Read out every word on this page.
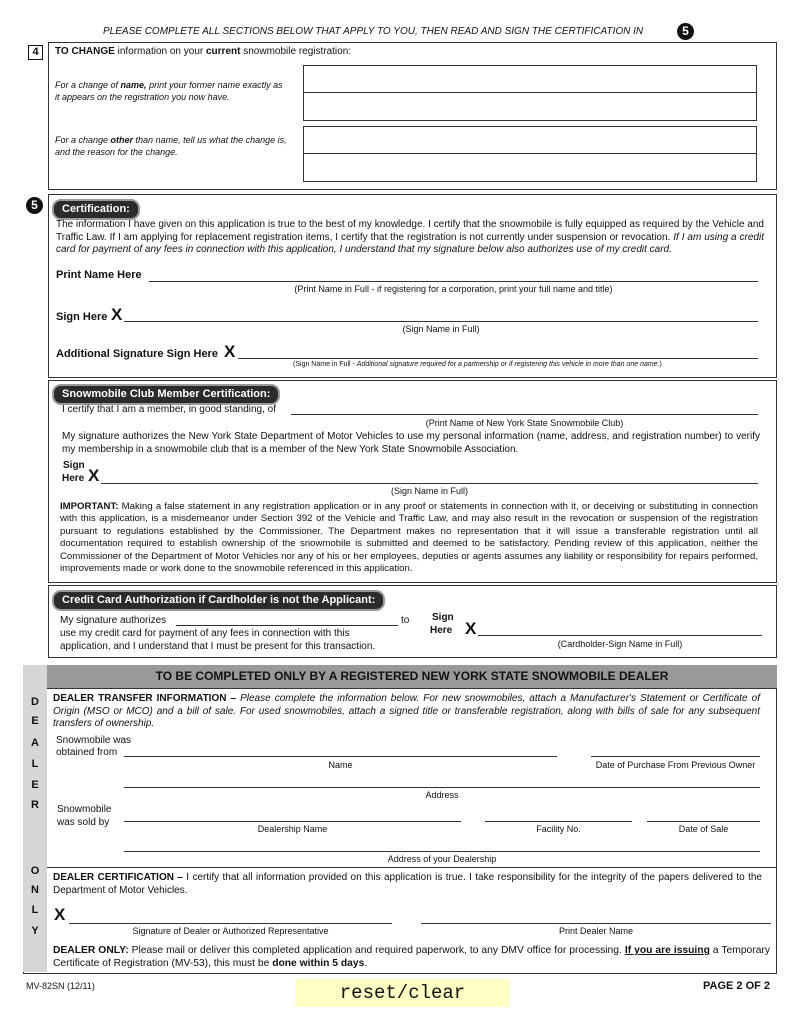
PLEASE COMPLETE ALL SECTIONS BELOW THAT APPLY TO YOU, THEN READ AND SIGN THE CERTIFICATION IN	5
4	TO CHANGE information on your current snowmobile registration:
For a change of name, print your former name exactly as it appears on the registration you now have.
For a change other than name, tell us what the change is, and the reason for the change.
5	Certification:
The information I have given on this application is true to the best of my knowledge. I certify that the snowmobile is fully equipped as required by the Vehicle and Traffic Law. If I am applying for replacement registration items, I certify that the registration is not currently under suspension or revocation. If I am using a credit card for payment of any fees in connection with this application, I understand that my signature below also authorizes use of my credit card.
Print Name Here
(Print Name in Full - if registering for a corporation, print your full name and title)
Sign Here X
(Sign Name in Full)
Additional Signature Sign Here X
(Sign Name in Full - Additional signature required for a partnership or if registering this vehicle in more than one name.)
Snowmobile Club Member Certification:
I certify that I am a member, in good standing, of
(Print Name of New York State Snowmobile Club)
My signature authorizes the New York State Department of Motor Vehicles to use my personal information (name, address, and registration number) to verify my membership in a snowmobile club that is a member of the New York State Snowmobile Association.
Sign
Here X
(Sign Name in Full)
IMPORTANT: Making a false statement in any registration application or in any proof or statements in connection with it, or deceiving or substituting in connection with this application, is a misdemeanor under Section 392 of the Vehicle and Traffic Law, and may also result in the revocation or suspension of the registration pursuant to regulations established by the Commissioner. The Department makes no representation that it will issue a transferable registration until all documentation required to establish ownership of the snowmobile is submitted and deemed to be satisfactory. Pending review of this application, neither the Commissioner of the Department of Motor Vehicles nor any of his or her employees, deputies or agents assumes any liability or responsibility for repairs performed, improvements made or work done to the snowmobile referenced in this application.
Credit Card Authorization if Cardholder is not the Applicant:
My signature authorizes	to
use my credit card for payment of any fees in connection with this
application, and I understand that I must be present for this transaction.
Sign
Here X
(Cardholder-Sign Name in Full)
D
E
A
L
E
R
O
N
L
Y
TO BE COMPLETED ONLY BY A REGISTERED NEW YORK STATE SNOWMOBILE DEALER
DEALER TRANSFER INFORMATION – Please complete the information below. For new snowmobiles, attach a Manufacturer's Statement or Certificate of Origin (MSO or MCO) and a bill of sale. For used snowmobiles, attach a signed title or transferable registration, along with bills of sale for any subsequent transfers of ownership.
Snowmobile was
obtained from
Name	Date of Purchase From Previous Owner
Address
Snowmobile
was sold by
Dealership Name	Facility No.	Date of Sale
Address of your Dealership
DEALER CERTIFICATION – I certify that all information provided on this application is true. I take responsibility for the integrity of the papers delivered to the Department of Motor Vehicles.
X
Signature of Dealer or Authorized Representative	Print Dealer Name
DEALER ONLY: Please mail or deliver this completed application and required paperwork, to any DMV office for processing. If you are issuing a Temporary Certificate of Registration (MV-53), this must be done within 5 days.
MV-82SN (12/11)	reset/clear	PAGE 2 OF 2
